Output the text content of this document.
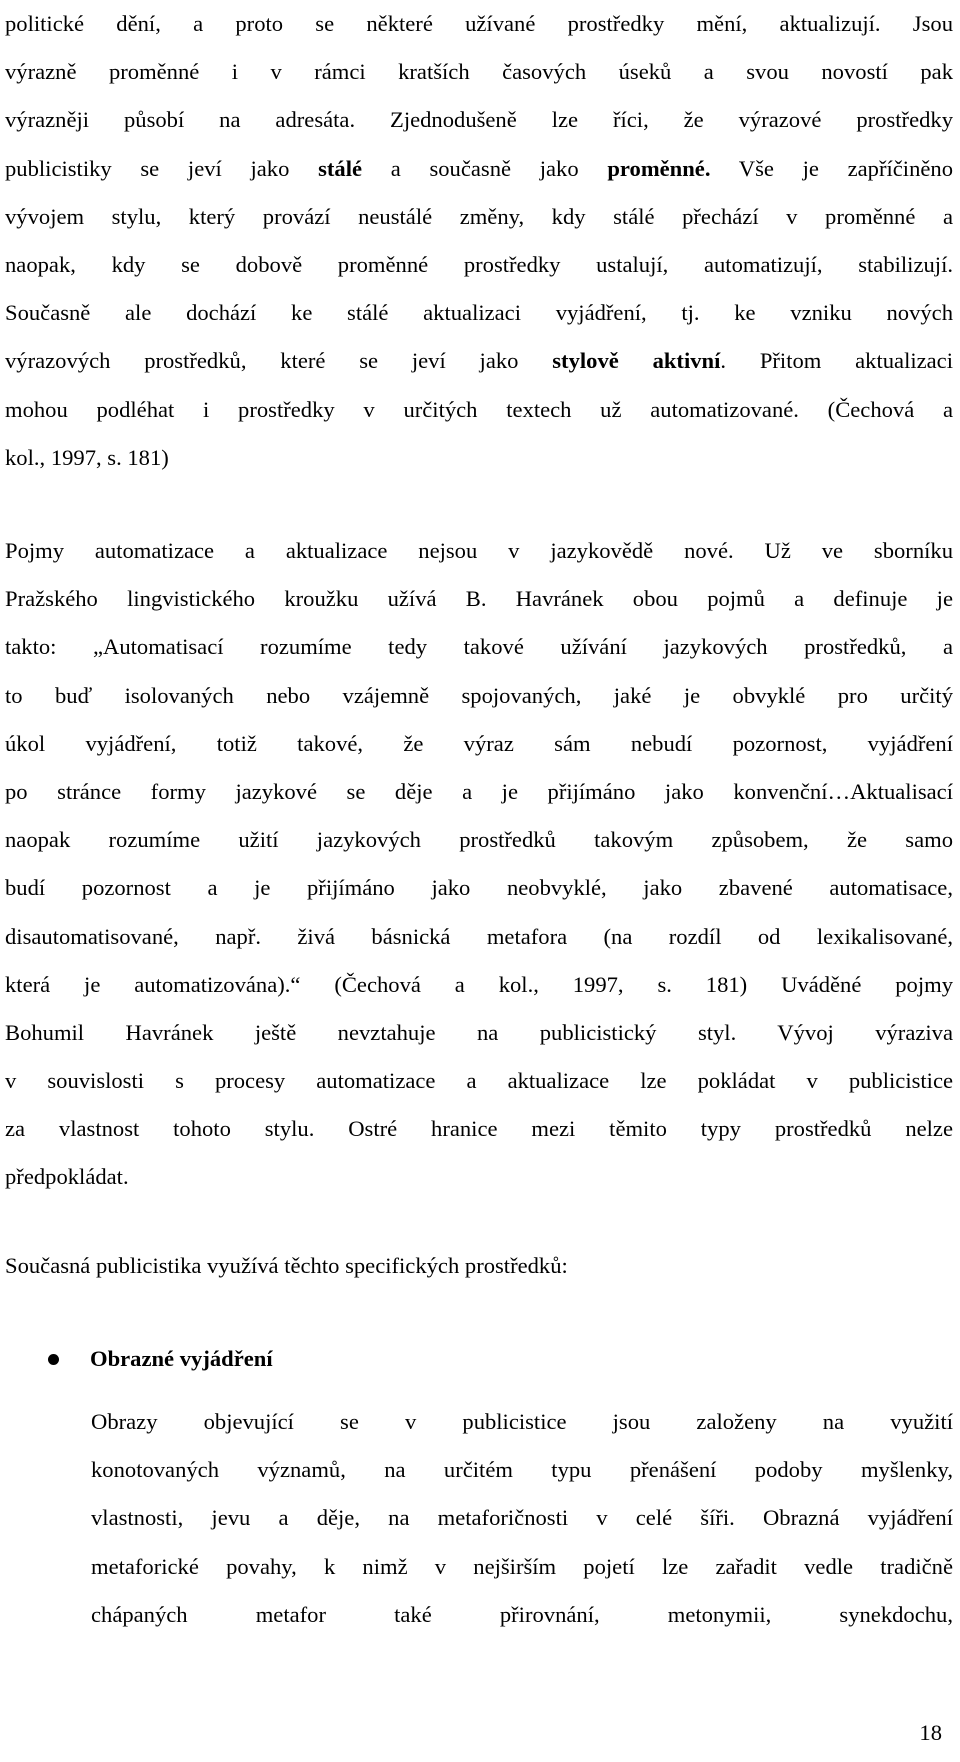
politické dění, a proto se některé užívané prostředky mění, aktualizují. Jsou
výrazně proměnné i v rámci kratších časových úseků a svou novostí pak
výrazněji působí na adresáta. Zjednodušeně lze říci, že výrazové prostředky
publicistiky se jeví jako stálé a současně jako proměnné. Vše je zapříčiněno
vývojem stylu, který provází neustálé změny, kdy stálé přechází v proměnné a
naopak, kdy se dobově proměnné prostředky ustalují, automatizují, stabilizují.
Současně ale dochází ke stálé aktualizaci vyjádření, tj. ke vzniku nových
výrazových prostředků, které se jeví jako stylově aktivní. Přitom aktualizaci
mohou podléhat i prostředky v určitých textech už automatizované. (Čechová a
kol., 1997, s. 181)

Pojmy automatizace a aktualizace nejsou v jazykovědě nové. Už ve sborníku
Pražského lingvistického kroužku užívá B. Havránek obou pojmů a definuje je
takto: „Automatisací rozumíme tedy takové užívání jazykových prostředků, a
to buď isolovaných nebo vzájemně spojovaných, jaké je obvyklé pro určitý
úkol vyjádření, totiž takové, že výraz sám nebudí pozornost, vyjádření
po stránce formy jazykové se děje a je přijímáno jako konvenční…Aktualisací
naopak rozumíme užití jazykových prostředků takovým způsobem, že samo
budí pozornost a je přijímáno jako neobvyklé, jako zbavené automatisace,
disautomatisované, např. živá básnická metafora (na rozdíl od lexikalisované,
která je automatizována).“ (Čechová a kol., 1997, s. 181) Uváděné pojmy
Bohumil Havránek ještě nevztahuje na publicistický styl. Vývoj výraziva
v souvislosti s procesy automatizace a aktualizace lze pokládat v publicistice
za vlastnost tohoto stylu. Ostré hranice mezi těmito typy prostředků nelze
předpokládat.

Současná publicistika využívá těchto specifických prostředků:

Obrazné vyjádření

Obrazy objevující se v publicistice jsou založeny na využití
konotovaných významů, na určitém typu přenášení podoby myšlenky,
vlastnosti, jevu a děje, na metaforičnosti v celé šíři. Obrazná vyjádření
metaforické povahy, k nimž v nejširším pojetí lze zařadit vedle tradičně
chápaných metafor také přirovnání, metonymii, synekdochu,

18
